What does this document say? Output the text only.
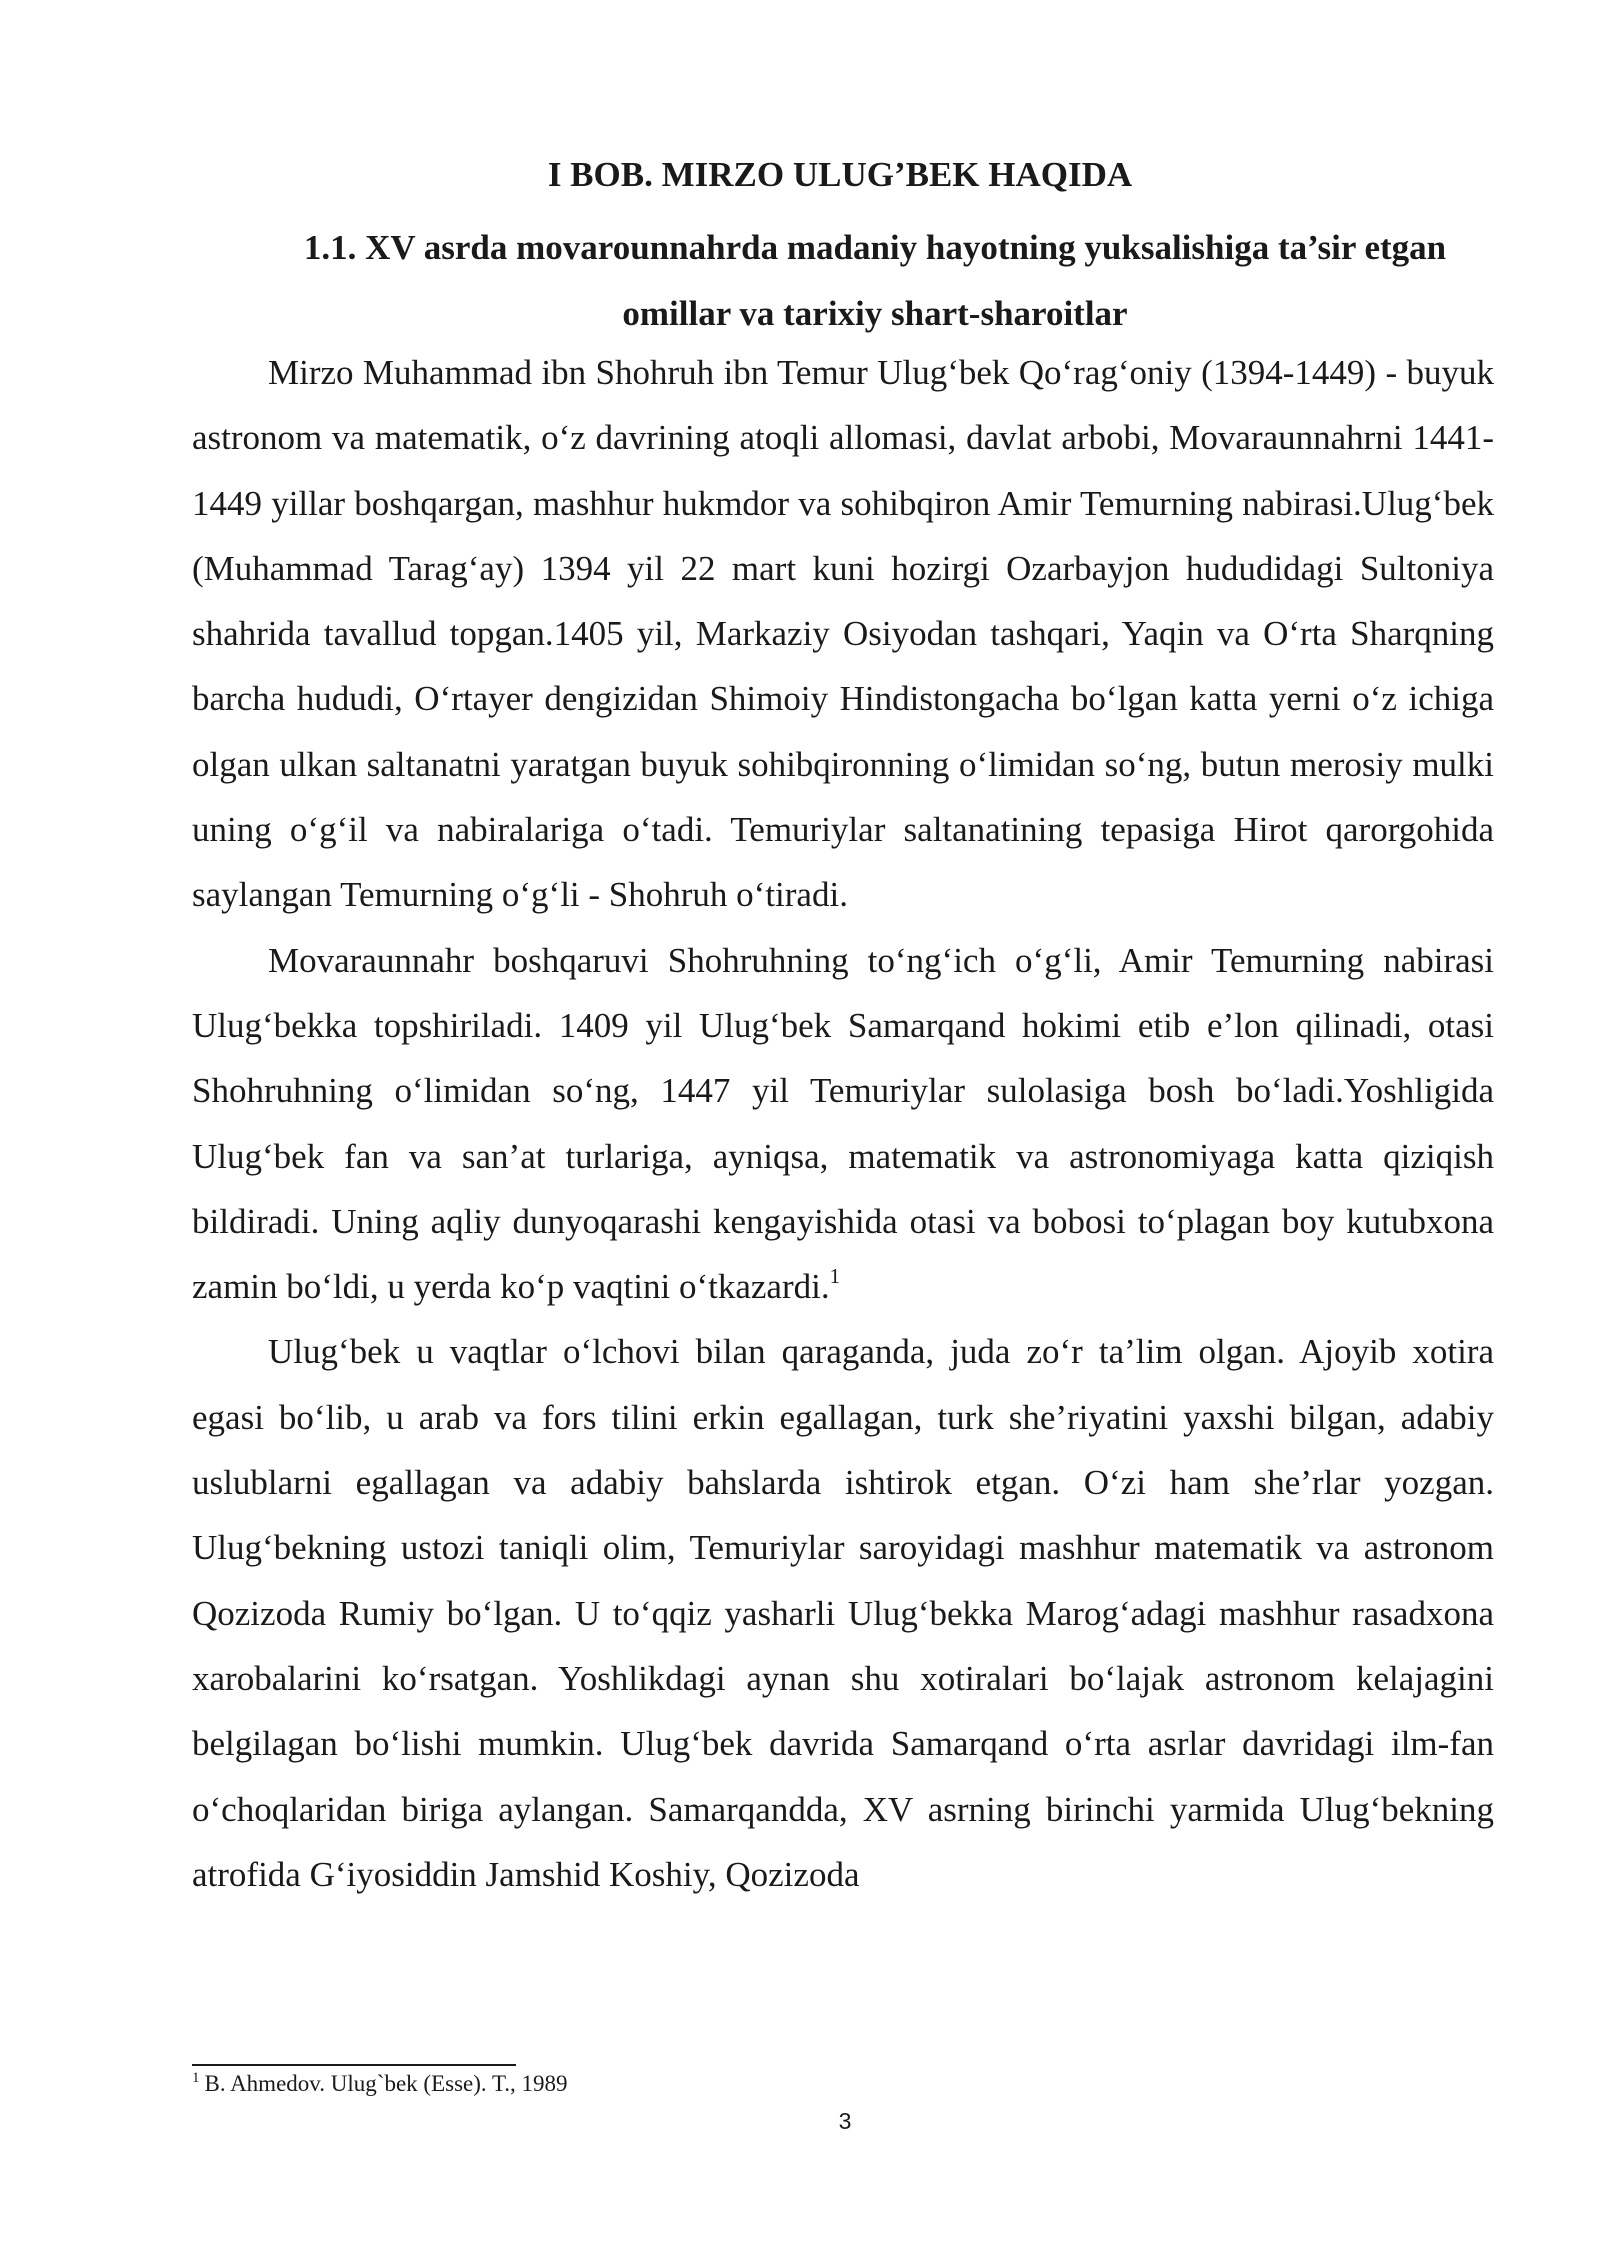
I BOB. MIRZO ULUG’BEK HAQIDA
1.1. XV asrda movarounnahrda madaniy hayotning yuksalishiga ta’sir etgan omillar va tarixiy shart-sharoitlar

Mirzo Muhammad ibn Shohruh ibn Temur Ulugʻbek Qoʻragʻoniy (1394-1449) - buyuk astronom va matematik, oʻz davrining atoqli allomasi, davlat arbobi, Movaraunnahrni 1441-1449 yillar boshqargan, mashhur hukmdor va sohibqiron Amir Temurning nabirasi.Ulugʻbek (Muhammad Taragʻay) 1394 yil 22 mart kuni hozirgi Ozarbayjon hududidagi Sultoniya shahrida tavallud topgan.1405 yil, Markaziy Osiyodan tashqari, Yaqin va Oʻrta Sharqning barcha hududi, Oʻrtayer dengizidan Shimoiy Hindistongacha boʻlgan katta yerni oʻz ichiga olgan ulkan saltanatni yaratgan buyuk sohibqironning oʻlimidan soʻng, butun merosiy mulki uning oʻgʻil va nabiralariga oʻtadi. Temuriylar saltanatining tepasiga Hirot qarorgohida saylangan Temurning oʻgʻli - Shohruh oʻtiradi.

Movaraunnahr boshqaruvi Shohruhning toʻngʻich oʻgʻli, Amir Temurning nabirasi Ulugʻbekka topshiriladi. 1409 yil Ulugʻbek Samarqand hokimi etib e’lon qilinadi, otasi Shohruhning oʻlimidan soʻng, 1447 yil Temuriylar sulolasiga bosh boʻladi.Yoshligida Ulugʻbek fan va san’at turlariga, ayniqsa, matematik va astronomiyaga katta qiziqish bildiradi. Uning aqliy dunyoqarashi kengayishida otasi va bobosi toʻplagan boy kutubxona zamin boʻldi, u yerda koʻp vaqtini oʻtkazardi.$^1$

Ulugʻbek u vaqtlar oʻlchovi bilan qaraganda, juda zoʻr ta’lim olgan. Ajoyib xotira egasi boʻlib, u arab va fors tilini erkin egallagan, turk she’riyatini yaxshi bilgan, adabiy uslublarni egallagan va adabiy bahslarda ishtirok etgan. Oʻzi ham she’rlar yozgan. Ulugʻbekning ustozi taniqli olim, Temuriylar saroyidagi mashhur matematik va astronom Qozizoda Rumiy boʻlgan. U toʻqqiz yasharli Ulugʻbekka Marogʻadagi mashhur rasadxona xarobalarini koʻrsatgan. Yoshlikdagi aynan shu xotiralari boʻlajak astronom kelajagini belgilagan boʻlishi mumkin. Ulugʻbek davrida Samarqand oʻrta asrlar davridagi ilm-fan oʻchoqlaridan biriga aylangan. Samarqandda, XV asrning birinchi yarmida Ulugʻbekning atrofida Gʻiyosiddin Jamshid Koshiy, Qozizoda

$^1$ B. Ahmedov. Ulug`bek (Esse). T., 1989
3
